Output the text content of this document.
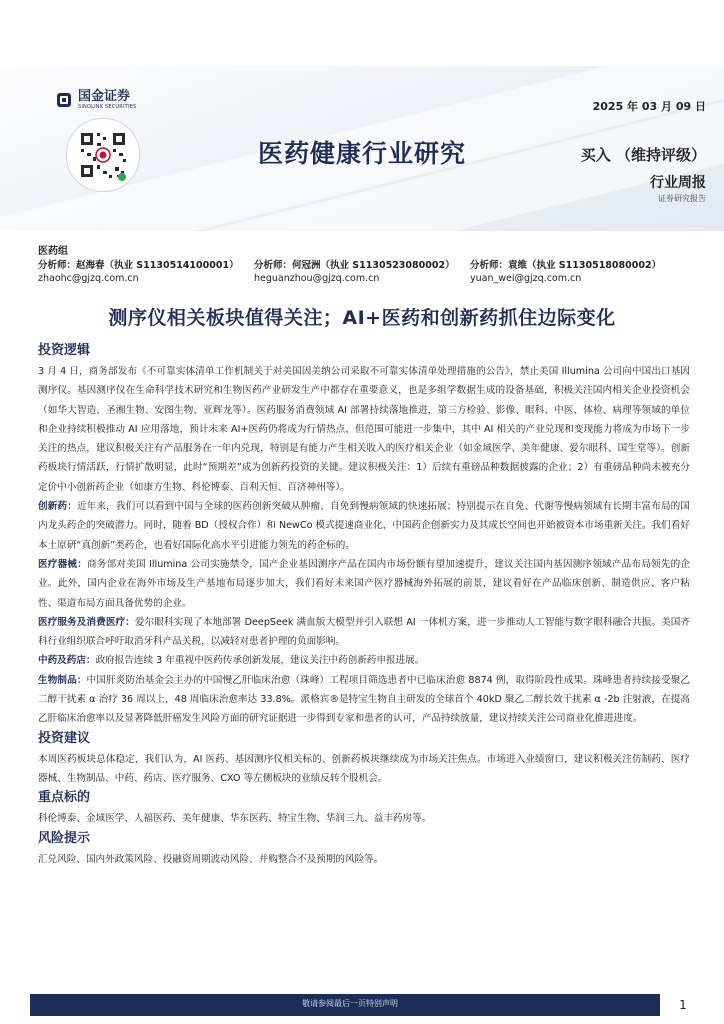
国金证券
SINOLINK SECURITIES	2025 年 03 月 09 日
医药健康行业研究	买入 （维持评级）
行业周报
证券研究报告
医药组
分析师：赵海春（执业 S1130514100001） 分析师：何冠洲（执业 S1130523080002） 分析师：袁维（执业 S1130518080002）
zhaohc@gjzq.com.cn	heguanzhou@gjzq.com.cn	yuan_wei@gjzq.com.cn
测序仪相关板块值得关注；AI+医药和创新药抓住边际变化
投资逻辑

3 月 4 日，商务部发布《不可靠实体清单工作机制关于对美国因美纳公司采取不可靠实体清单处理措施的公告》，禁止美国 Illumina 公司向中国出口基因测序仪。基因测序仪在生命科学技术研究和生物医药产业研发生产中都存在重要意义，也是多组学数据生成的设备基础，积极关注国内相关企业投资机会（如华大智造、圣湘生物、安图生物、亚辉龙等）。医药服务消费领域 AI 部署持续落地推进，第三方检验、影像、眼科、中医、体检、病理等领域的单位和企业持续积极推动 AI 应用落地，预计未来 AI+医药仍将成为行情热点，但范围可能进一步集中，其中 AI 相关的产业兑现和变现能力将成为市场下一步关注的热点，建议积极关注有产品服务在一年内兑现，特别是有能力产生相关收入的医疗相关企业（如金域医学、美年健康、爱尔眼科、国生堂等）。创新药板块行情活跃，行情扩散明显，此时“预期差”成为创新药投资的关键。建议积极关注：1）后续有重磅品种数据披露的企业；2）有重磅品种尚未被充分定价中小创新药企业（如康方生物、科伦博泰、百利天恒、百济神州等）。

创新药：近年来，我们可以看到中国与全球的医药创新突破从肿瘤、自免到慢病领域的快速拓展；特别提示在自免、代谢等慢病领域有长期丰富布局的国内龙头药企的突破潜力。同时，随着 BD（授权合作）和 NewCo 模式提速商业化，中国药企创新实力及其成长空间也开始被资本市场重新关注。我们看好本土原研“真创新”类药企，也看好国际化高水平引进能力领先的药企标的。

医疗器械：商务部对美国 Illumina 公司实施禁令，国产企业基因测序产品在国内市场份额有望加速提升，建议关注国内基因测序领域产品布局领先的企业。此外，国内企业在海外市场及生产基地布局逐步加大，我们看好未来国产医疗器械海外拓展的前景，建议看好在产品临床创新、制造供应、客户粘性、渠道布局方面具备优势的企业。

医疗服务及消费医疗：爱尔眼科实现了本地部署 DeepSeek 满血版大模型并引入联想 AI 一体机方案，进一步推动人工智能与数字眼科融合共振。美国齐科行业组织联合呼吁取消牙科产品关税，以减轻对患者护理的负面影响。

中药及药店：政府报告连续 3 年重视中医药传承创新发展，建议关注中药创新药申报进展。

生物制品：中国肝炎防治基金会主办的中国慢乙肝临床治愈（珠峰）工程项目筛选患者中已临床治愈 8874 例，取得阶段性成果。珠峰患者持续接受聚乙二醇干扰素 α 治疗 36 周以上，48 周临床治愈率达 33.8%。派格宾®是特宝生物自主研发的全球首个 40kD 聚乙二醇长效干扰素 α -2b 注射液，在提高乙肝临床治愈率以及显著降低肝癌发生风险方面的研究证据进一步得到专家和患者的认可，产品持续放量，建议持续关注公司商业化推进进度。

投资建议

本周医药板块总体稳定，我们认为，AI 医药、基因测序仪相关标的、创新药板块继续成为市场关注焦点。市场进入业绩窗口，建议积极关注仿制药、医疗器械、生物制品、中药、药店、医疗服务、CXO 等左侧板块的业绩反转个股机会。

重点标的

科伦博泰、金域医学、人福医药、美年健康、华东医药、特宝生物、华润三九、益丰药房等。

风险提示

汇兑风险、国内外政策风险、投融资周期波动风险、并购整合不及预期的风险等。

敬请参阅最后一页特别声明	1
